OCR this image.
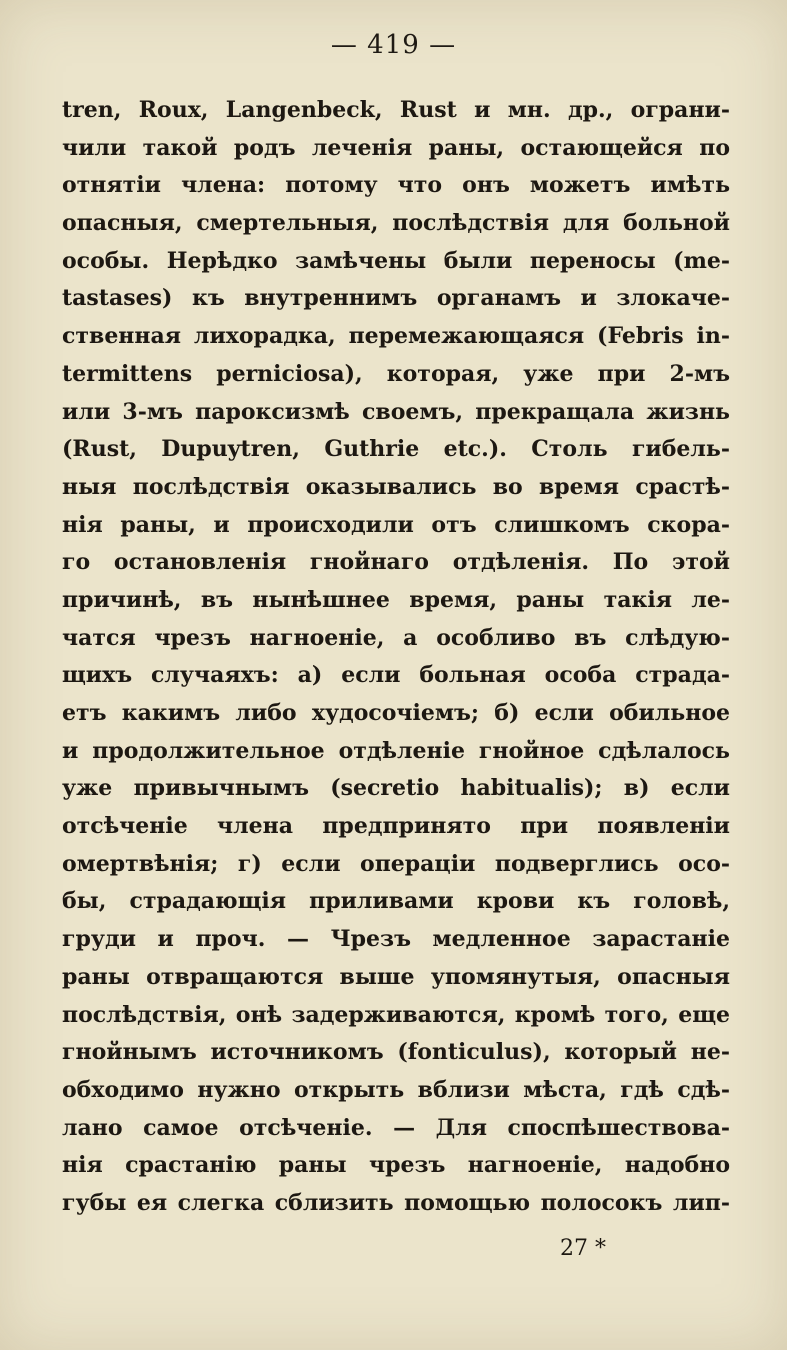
— 419 —
tren, Roux, Langenbeck, Rust и мн. др., ограни-
чили такой родъ леченія раны, остающейся по
отнятіи члена: потому что онъ можетъ имѣть
опасныя, смертельныя, послѣдствія для больной
особы. Нерѣдко замѣчены были переносы (me-
tastases) къ внутреннимъ органамъ и злокаче-
ственная лихорадка, перемежающаяся (Febris in-
termittens perniciosa), которая, уже при 2-мъ
или 3-мъ пароксизмѣ своемъ, прекращала жизнь
(Rust, Dupuytren, Guthrie etc.). Столь гибель-
ныя послѣдствія оказывались во время срастѣ-
нія раны, и происходили отъ слишкомъ скора-
го остановленія гнойнаго отдѣленія. По этой
причинѣ, въ нынѣшнее время, раны такія ле-
чатся чрезъ нагноеніе, а особливо въ слѣдую-
щихъ случаяхъ: а) если больная особа страда-
етъ какимъ либо худосочіемъ; б) если обильное
и продолжительное отдѣленіе гнойное сдѣлалось
уже привычнымъ (secretio habitualis); в) если
отсѣченіе члена предпринято при появленіи
омертвѣнія; г) если операціи подверглись осо-
бы, страдающія приливами крови къ головѣ,
груди и проч. — Чрезъ медленное зарастаніе
раны отвращаются выше упомянутыя, опасныя
послѣдствія, онѣ задерживаются, кромѣ того, еще
гнойнымъ источникомъ (fonticulus), который не-
обходимо нужно открыть вблизи мѣста, гдѣ сдѣ-
лано самое отсѣченіе. — Для споспѣшествова-
нія срастанію раны чрезъ нагноеніе, надобно
губы ея слегка сблизить помощью полосокъ лип-
27 *
